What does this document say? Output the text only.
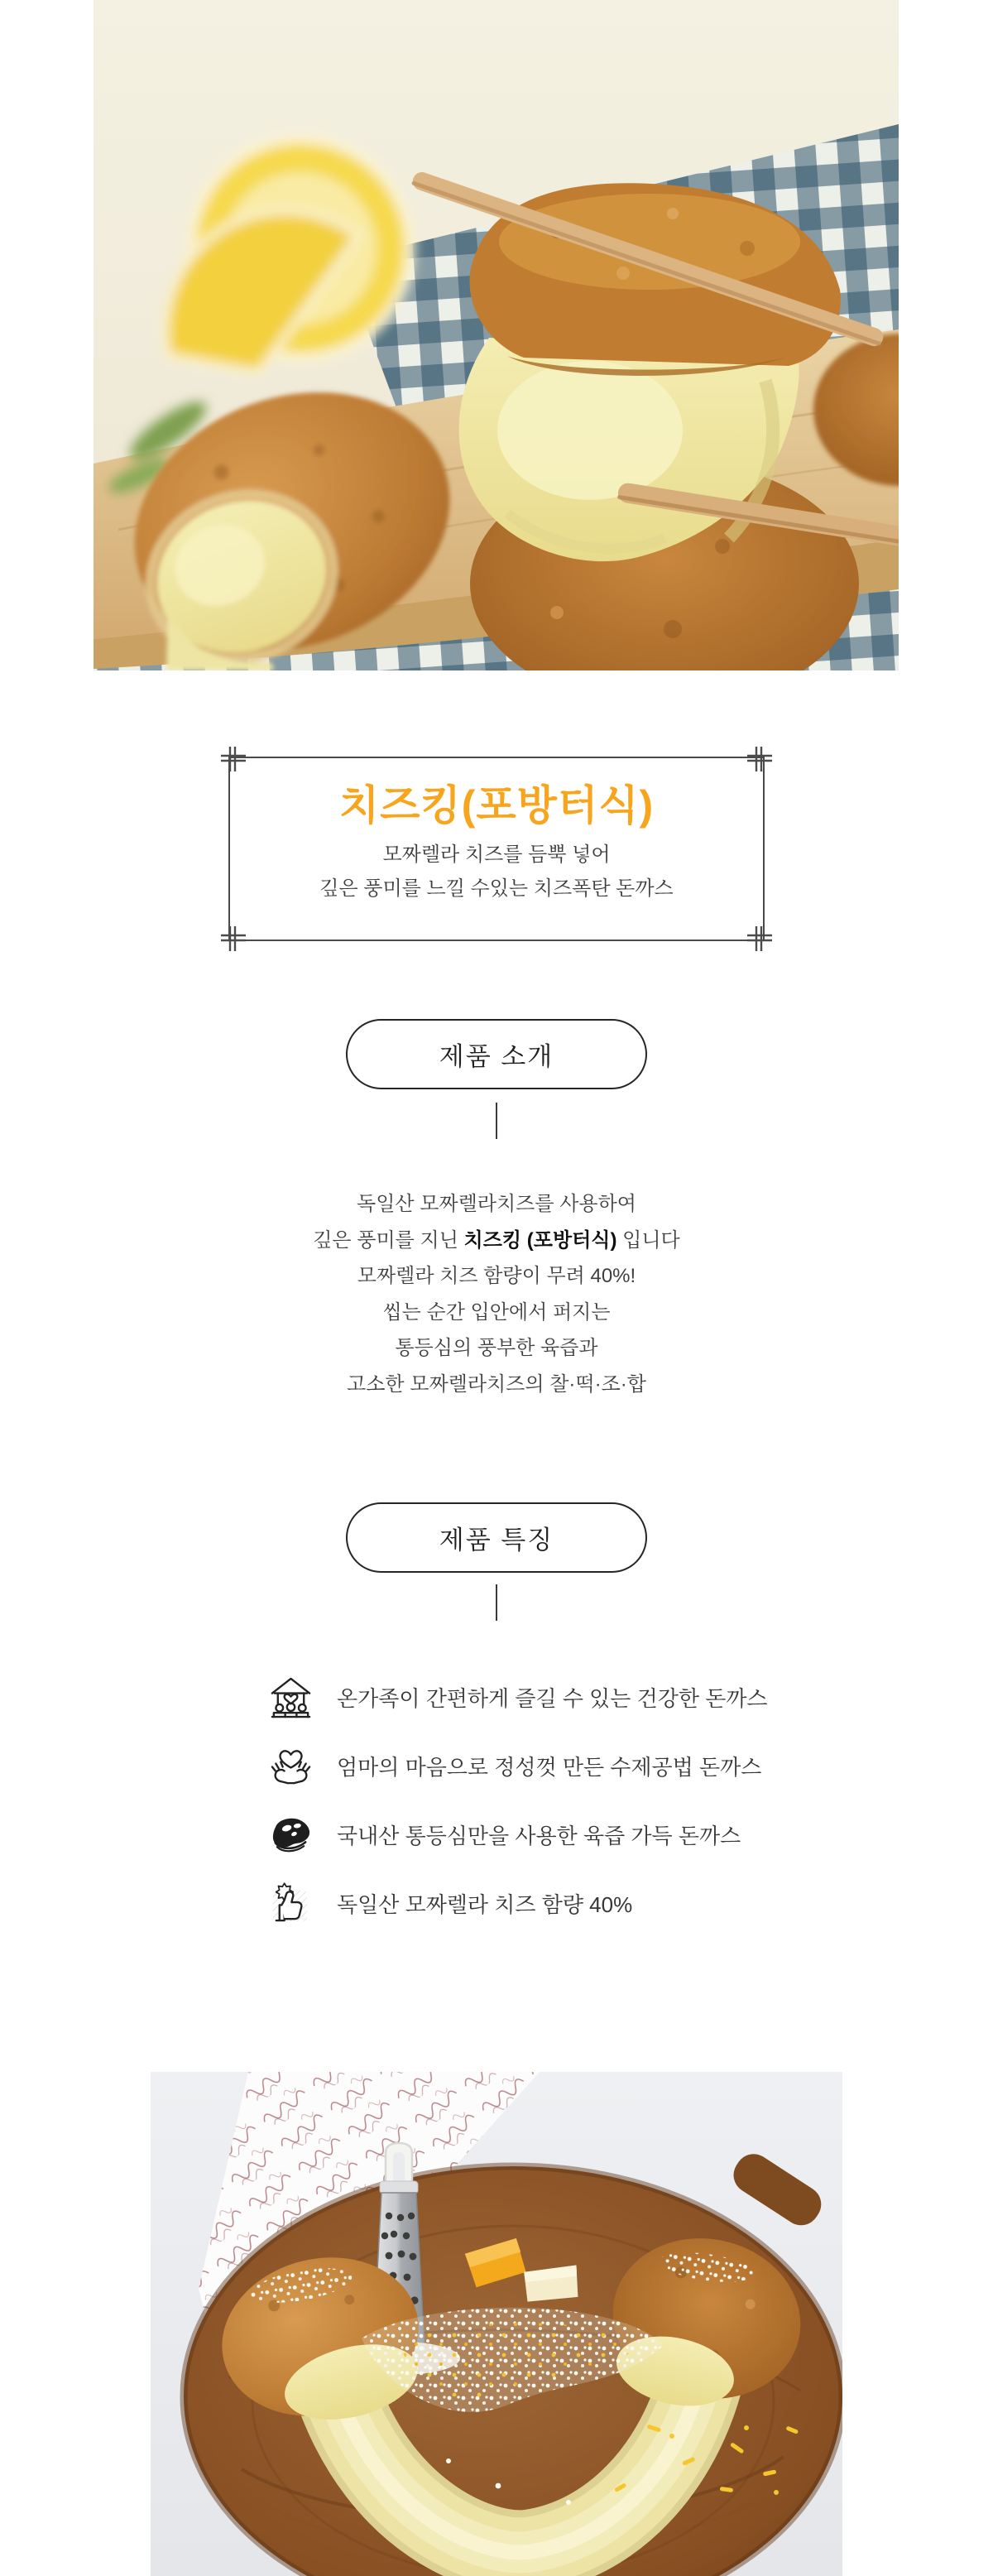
치즈킹(포방터식)
모짜렐라 치즈를 듬뿍 넣어
깊은 풍미를 느낄 수있는 치즈폭탄 돈까스
제품 소개
독일산 모짜렐라치즈를 사용하여
깊은 풍미를 지닌 치즈킹 (포방터식) 입니다
모짜렐라 치즈 함량이 무려 40%!
씹는 순간 입안에서 퍼지는
통등심의 풍부한 육즙과
고소한 모짜렐라치즈의 찰·떡·조·합
제품 특징
온가족이 간편하게 즐길 수 있는 건강한 돈까스
엄마의 마음으로 정성껏 만든 수제공법 돈까스
국내산 통등심만을 사용한 육즙 가득 돈까스
독일산 모짜렐라 치즈 함량 40%
